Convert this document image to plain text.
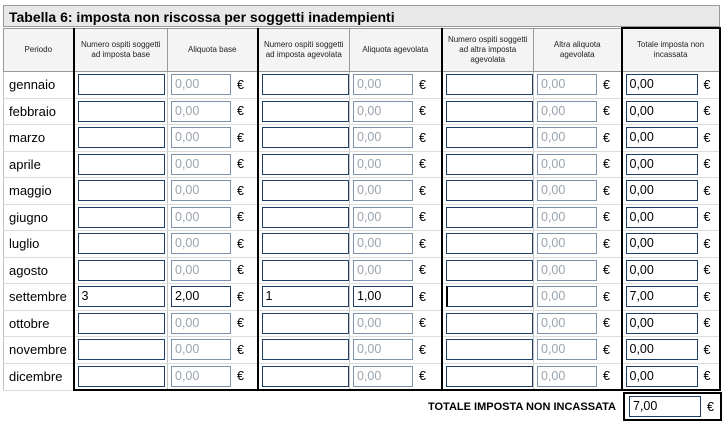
Tabella 6: imposta non riscossa per soggetti inadempienti
Periodo	Numero ospiti soggetti ad imposta base	Aliquota base	Numero ospiti soggetti ad imposta agevolata	Aliquota agevolata	Numero ospiti soggetti ad altra imposta agevolata	Altra aliquota agevolata	Totale imposta non incassata
gennaio		0,00 €		0,00 €		0,00 €	0,00 €

febbraio		0,00 €		0,00 €		0,00 €	0,00 €

marzo		0,00 €		0,00 €		0,00 €	0,00 €

aprile		0,00 €		0,00 €		0,00 €	0,00 €

maggio		0,00 €		0,00 €		0,00 €	0,00 €

giugno		0,00 €		0,00 €		0,00 €	0,00 €

luglio		0,00 €		0,00 €		0,00 €	0,00 €

agosto		0,00 €		0,00 €		0,00 €	0,00 €

settembre	3	2,00 €	1	1,00 €		0,00 €	7,00 €

ottobre		0,00 €		0,00 €		0,00 €	0,00 €

novembre		0,00 €		0,00 €		0,00 €	0,00 €

dicembre		0,00 €		0,00 €		0,00 €	0,00 €
TOTALE IMPOSTA NON INCASSATA	7,00	€
